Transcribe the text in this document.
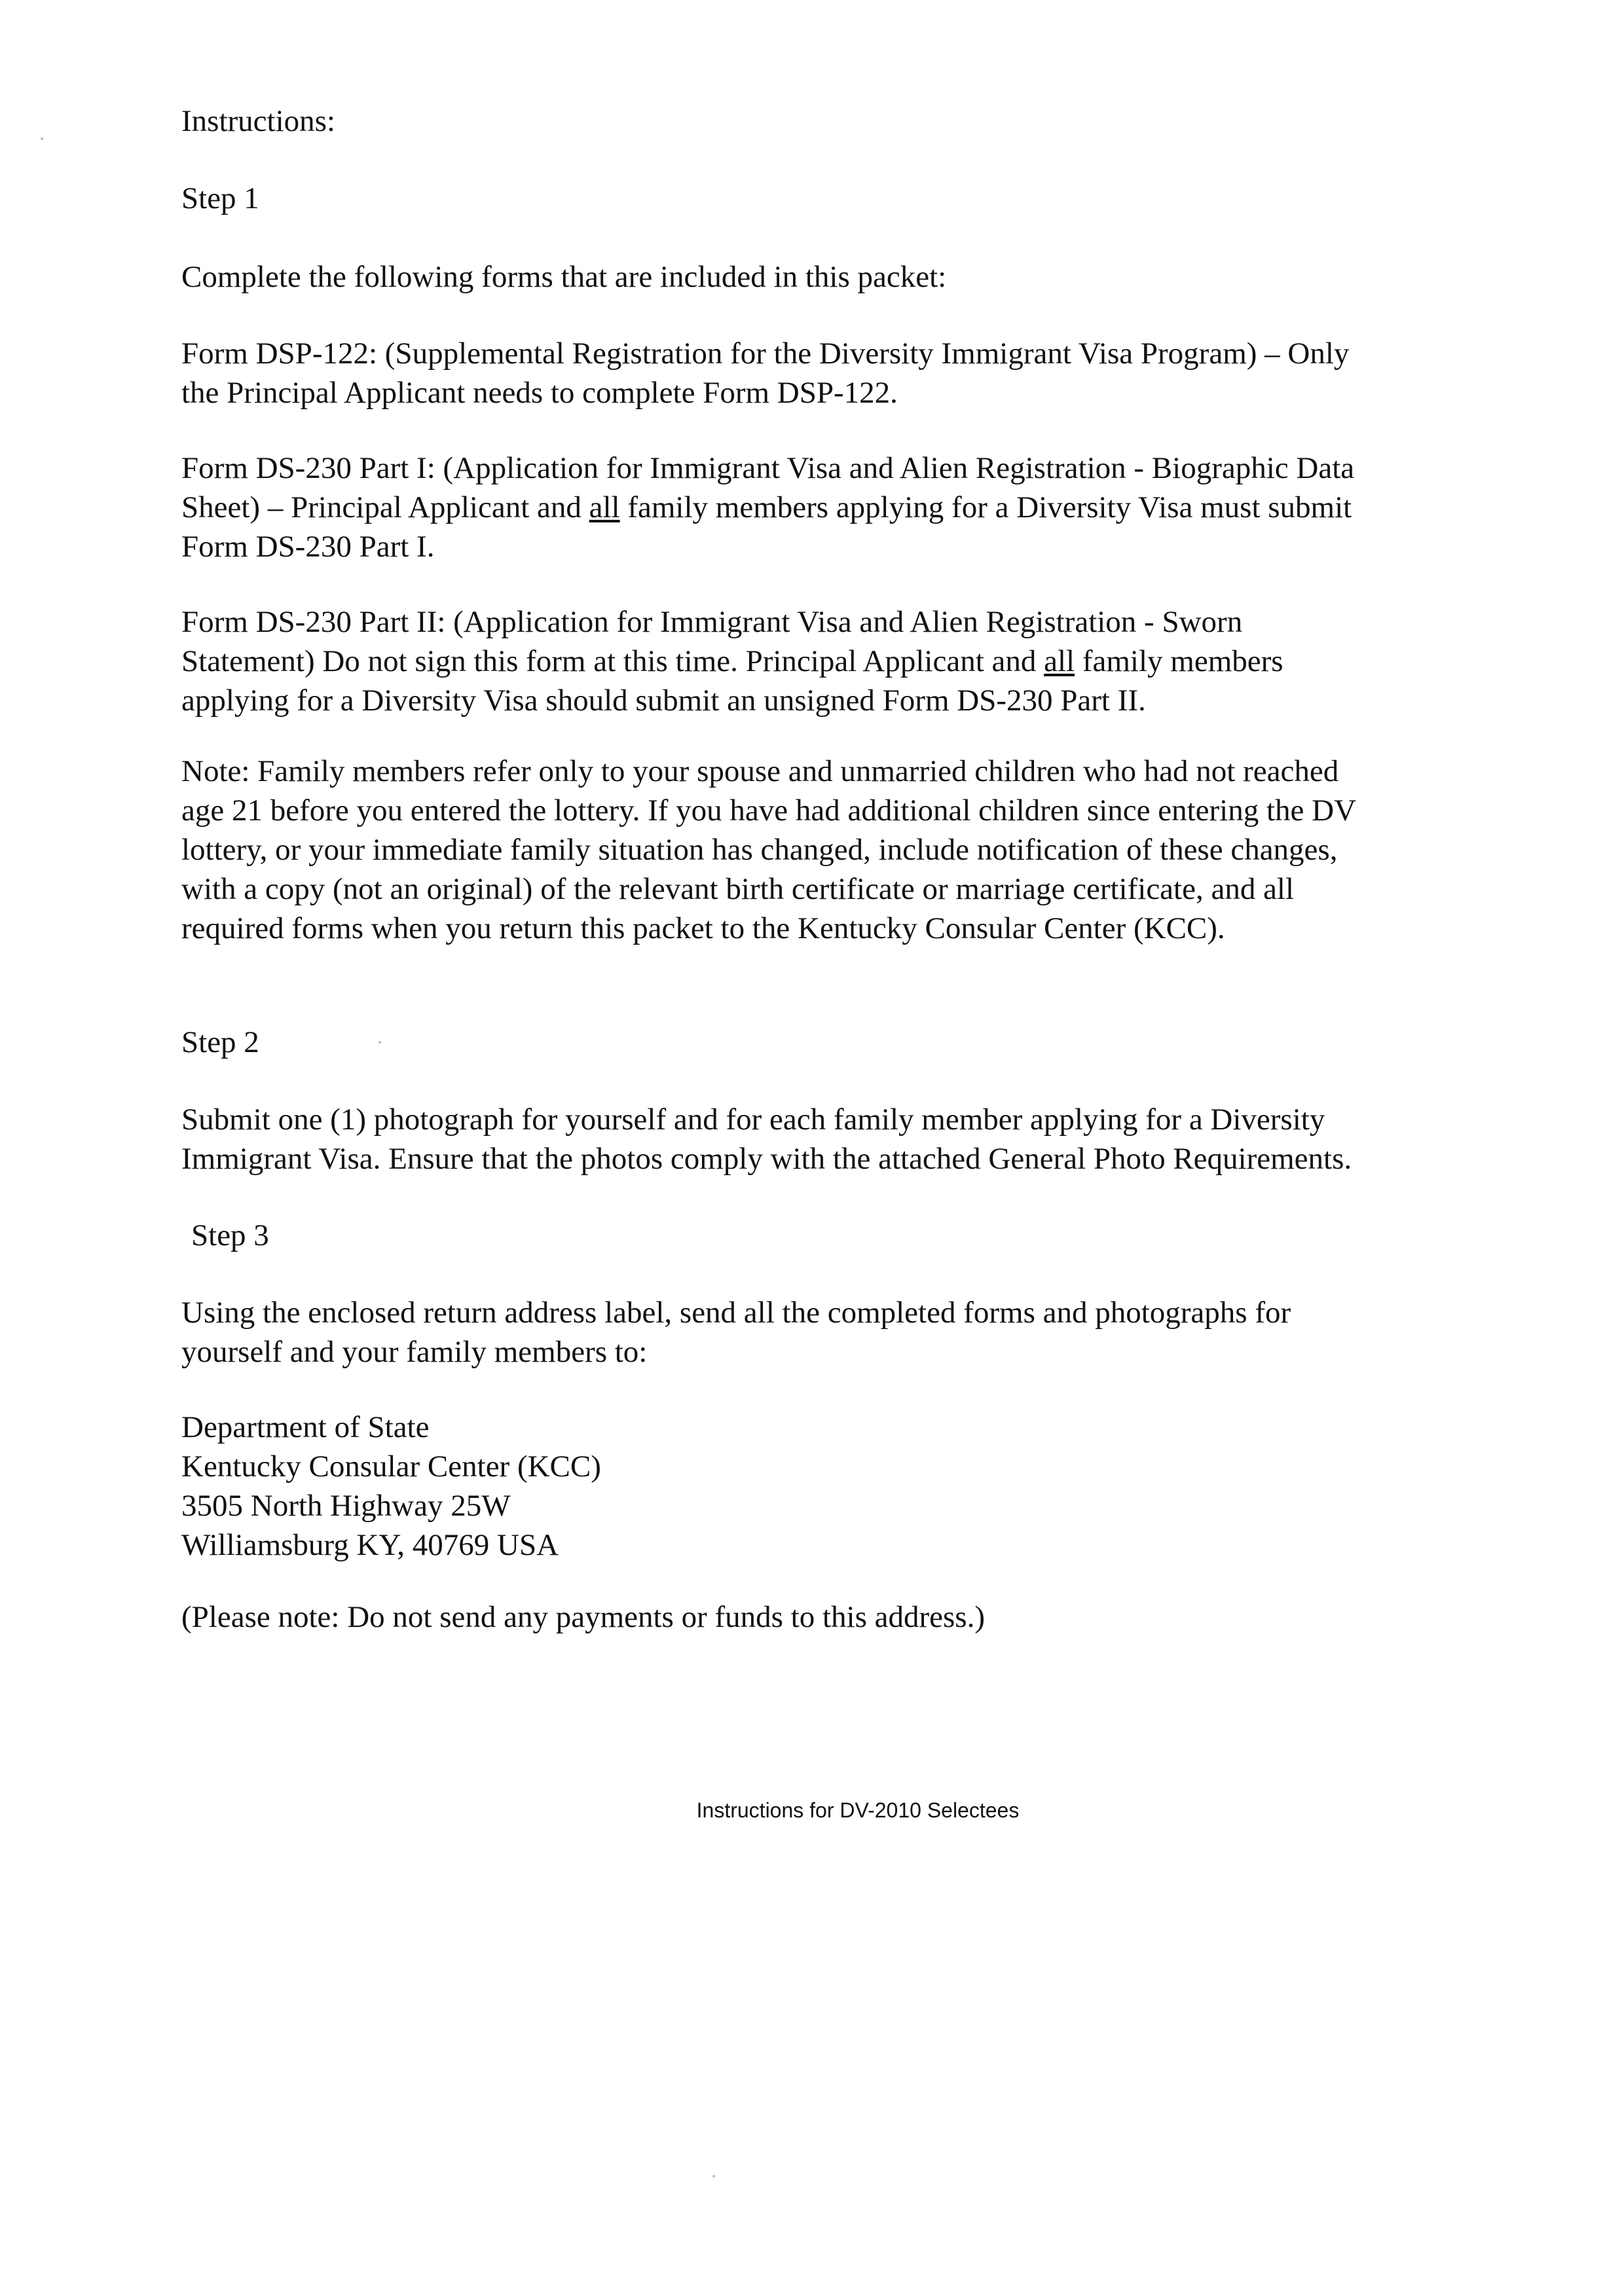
Instructions:

Step 1

Complete the following forms that are included in this packet:

Form DSP-122: (Supplemental Registration for the Diversity Immigrant Visa Program) – Only
the Principal Applicant needs to complete Form DSP-122.

Form DS-230 Part I: (Application for Immigrant Visa and Alien Registration - Biographic Data
Sheet) – Principal Applicant and all family members applying for a Diversity Visa must submit
Form DS-230 Part I.

Form DS-230 Part II: (Application for Immigrant Visa and Alien Registration - Sworn
Statement) Do not sign this form at this time. Principal Applicant and all family members
applying for a Diversity Visa should submit an unsigned Form DS-230 Part II.

Note: Family members refer only to your spouse and unmarried children who had not reached
age 21 before you entered the lottery. If you have had additional children since entering the DV
lottery, or your immediate family situation has changed, include notification of these changes,
with a copy (not an original) of the relevant birth certificate or marriage certificate, and all
required forms when you return this packet to the Kentucky Consular Center (KCC).

Step 2

Submit one (1) photograph for yourself and for each family member applying for a Diversity
Immigrant Visa. Ensure that the photos comply with the attached General Photo Requirements.

Step 3

Using the enclosed return address label, send all the completed forms and photographs for
yourself and your family members to:

Department of State
Kentucky Consular Center (KCC)
3505 North Highway 25W
Williamsburg KY, 40769 USA

(Please note: Do not send any payments or funds to this address.)

Instructions for DV-2010 Selectees
